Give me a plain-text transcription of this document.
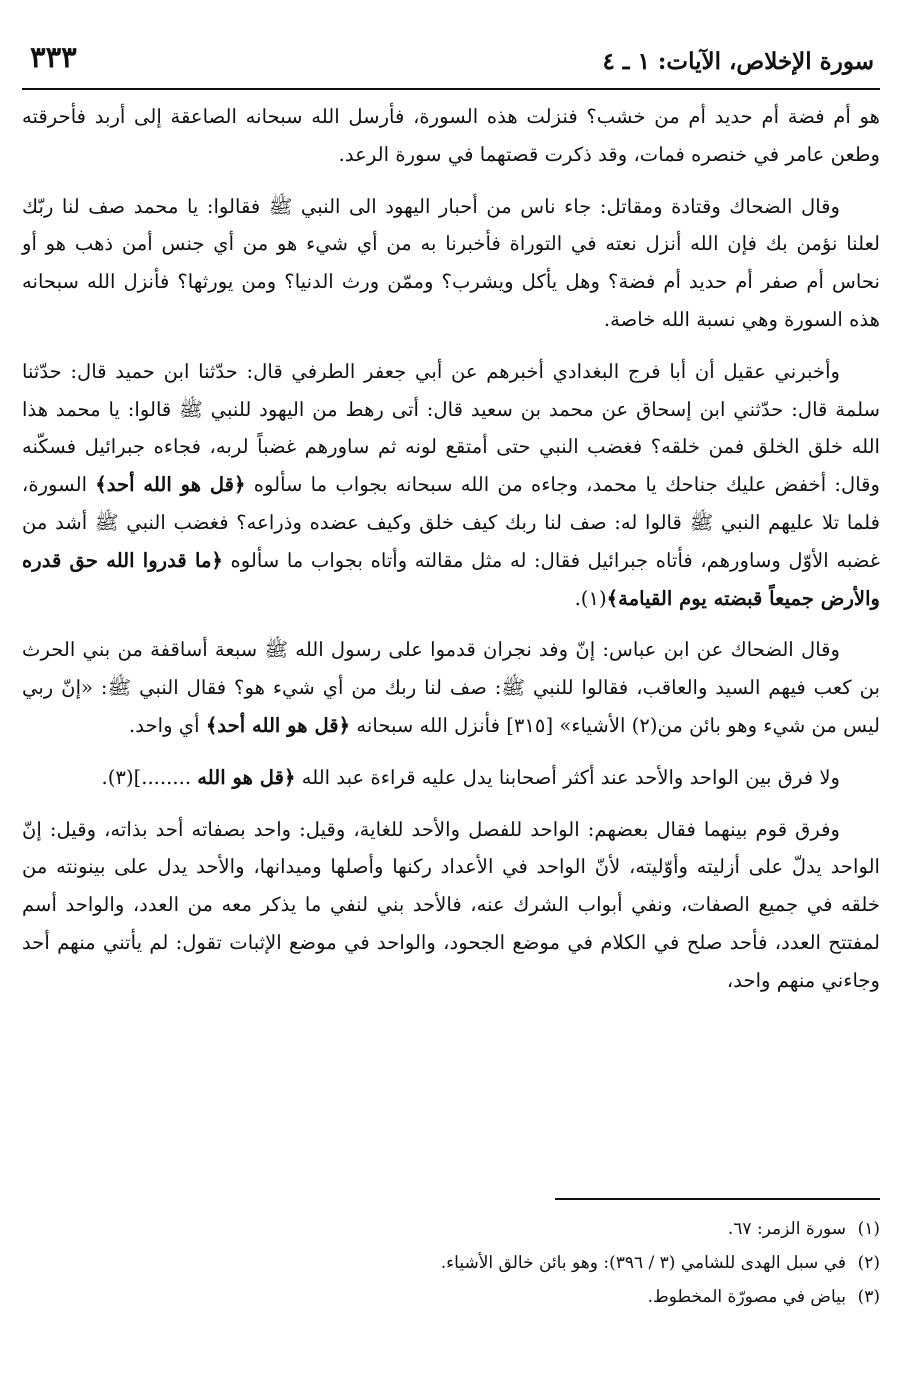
سورة الإخلاص، الآيات: ١ ـ ٤
٣٣٣

هو أم فضة أم حديد أم من خشب؟ فنزلت هذه السورة، فأرسل الله سبحانه الصاعقة إلى أربد فأحرقته وطعن عامر في خنصره فمات، وقد ذكرت قصتهما في سورة الرعد.

وقال الضحاك وقتادة ومقاتل: جاء ناس من أحبار اليهود الى النبي ﷺ فقالوا: يا محمد صف لنا ربّك لعلنا نؤمن بك فإن الله أنزل نعته في التوراة فأخبرنا به من أي شيء هو من أي جنس أمن ذهب هو أو نحاس أم صفر أم حديد أم فضة؟ وهل يأكل ويشرب؟ وممّن ورث الدنيا؟ ومن يورثها؟ فأنزل الله سبحانه هذه السورة وهي نسبة الله خاصة.

وأخبرني عقيل أن أبا فرج البغدادي أخبرهم عن أبي جعفر الطرفي قال: حدّثنا ابن حميد قال: حدّثنا سلمة قال: حدّثني ابن إسحاق عن محمد بن سعيد قال: أتى رهط من اليهود للنبي ﷺ قالوا: يا محمد هذا الله خلق الخلق فمن خلقه؟ فغضب النبي حتى أمتقع لونه ثم ساورهم غضباً لربه، فجاءه جبرائيل فسكّنه وقال: أخفض عليك جناحك يا محمد، وجاءه من الله سبحانه بجواب ما سألوه ﴿قل هو الله أحد﴾ السورة، فلما تلا عليهم النبي ﷺ قالوا له: صف لنا ربك كيف خلق وكيف عضده وذراعه؟ فغضب النبي ﷺ أشد من غضبه الأوّل وساورهم، فأتاه جبرائيل فقال: له مثل مقالته وأتاه بجواب ما سألوه ﴿ما قدروا الله حق قدره والأرض جميعاً قبضته يوم القيامة﴾(١).

وقال الضحاك عن ابن عباس: إنّ وفد نجران قدموا على رسول الله ﷺ سبعة أساقفة من بني الحرث بن كعب فيهم السيد والعاقب، فقالوا للنبي ﷺ: صف لنا ربك من أي شيء هو؟ فقال النبي ﷺ: «إنّ ربي ليس من شيء وهو بائن من(٢) الأشياء» [٣١٥] فأنزل الله سبحانه ﴿قل هو الله أحد﴾ أي واحد.

ولا فرق بين الواحد والأحد عند أكثر أصحابنا يدل عليه قراءة عبد الله ﴿قل هو الله ........](٣).

وفرق قوم بينهما فقال بعضهم: الواحد للفصل والأحد للغاية، وقيل: واحد بصفاته أحد بذاته، وقيل: إنّ الواحد يدلّ على أزليته وأوّليته، لأنّ الواحد في الأعداد ركنها وأصلها وميدانها، والأحد يدل على بينونته من خلقه في جميع الصفات، ونفي أبواب الشرك عنه، فالأحد بني لنفي ما يذكر معه من العدد، والواحد أسم لمفتتح العدد، فأحد صلح في الكلام في موضع الجحود، والواحد في موضع الإثبات تقول: لم يأتني منهم أحد وجاءني منهم واحد،

(١)سورة الزمر: ٦٧.
(٢)في سبل الهدى للشامي (٣ / ٣٩٦): وهو بائن خالق الأشياء.
(٣)بياض في مصورّة المخطوط.
